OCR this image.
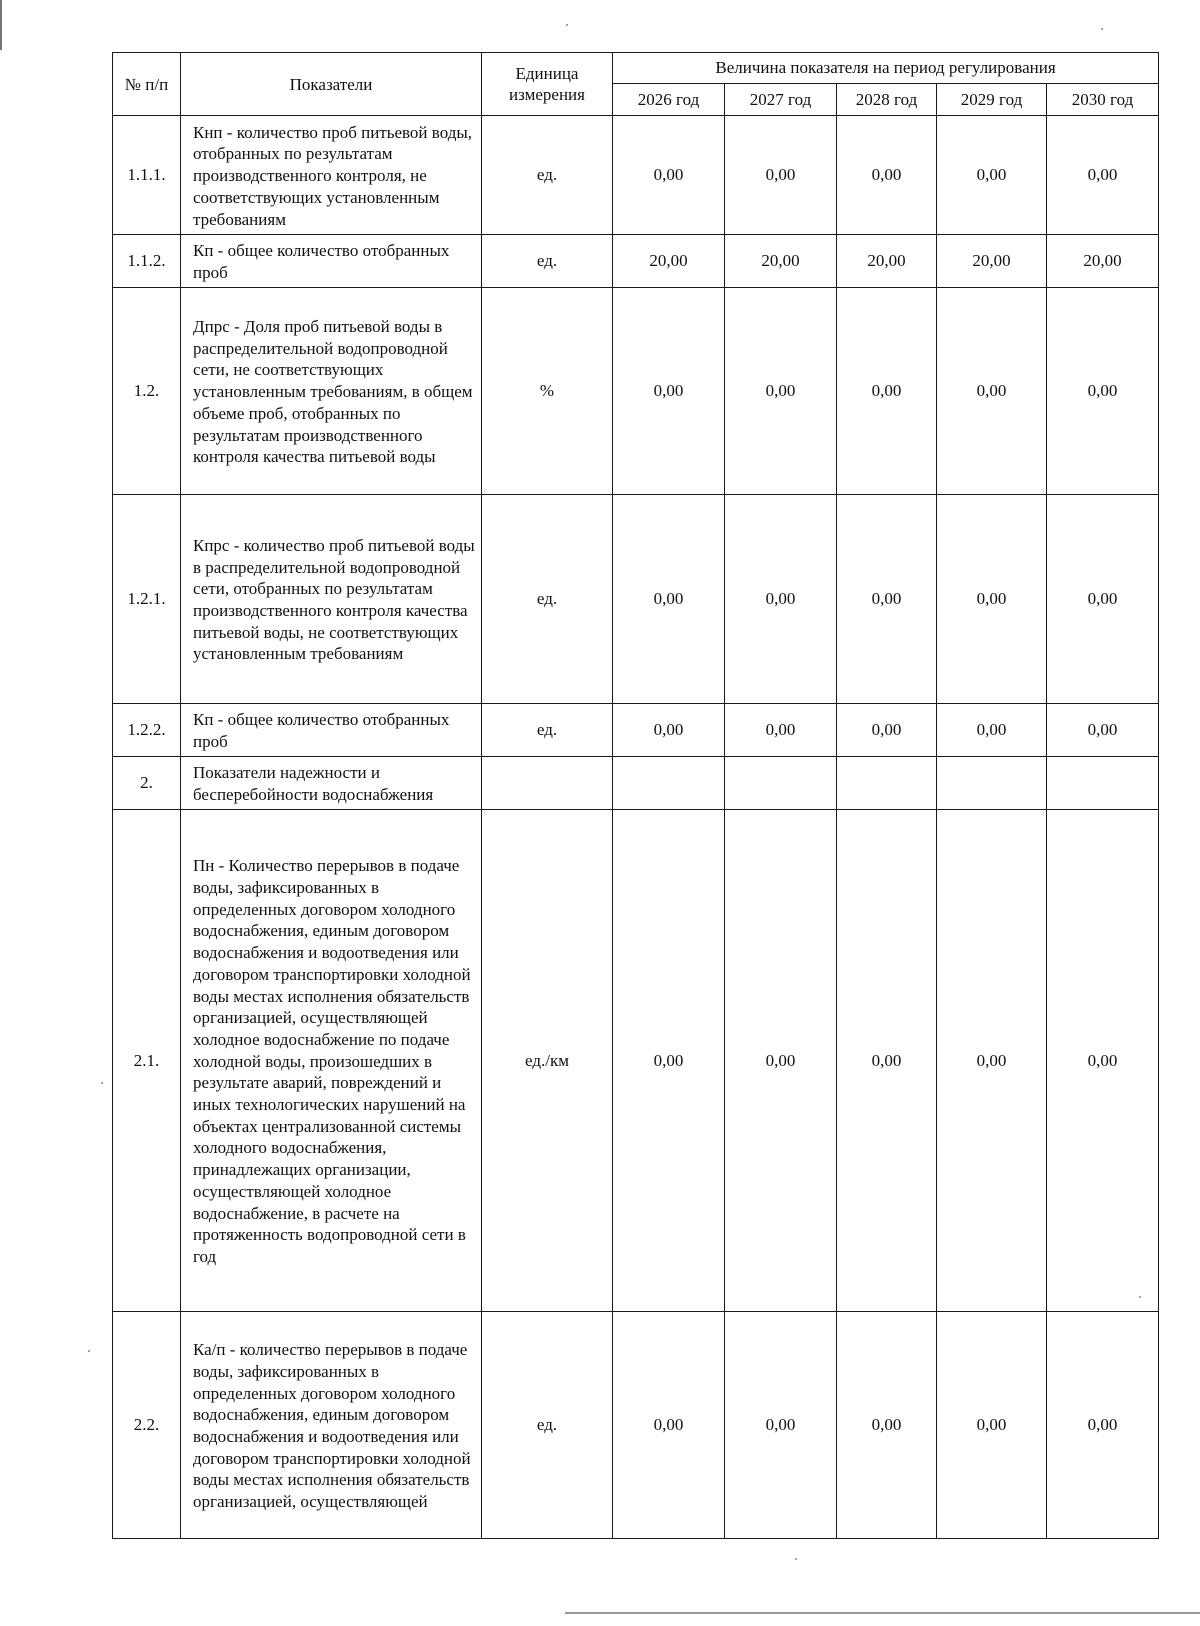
№ п/п	Показатели	Единица измерения	Величина показателя на период регулирования				
			2026 год	2027 год	2028 год	2029 год	2030 год
1.1.1.	Кнп - количество проб питьевой воды, отобранных по результатам производственного контроля, не соответствующих установленным требованиям	ед.	0,00	0,00	0,00	0,00	0,00
1.1.2.	Кп - общее количество отобранных проб	ед.	20,00	20,00	20,00	20,00	20,00
1.2.	Дпрс - Доля проб питьевой воды в распределительной водопроводной сети, не соответствующих установленным требованиям, в общем объеме проб, отобранных по результатам производственного контроля качества питьевой воды	%	0,00	0,00	0,00	0,00	0,00
1.2.1.	Кпрс - количество проб питьевой воды в распределительной водопроводной сети, отобранных по результатам производственного контроля качества питьевой воды, не соответствующих установленным требованиям	ед.	0,00	0,00	0,00	0,00	0,00
1.2.2.	Кп - общее количество отобранных проб	ед.	0,00	0,00	0,00	0,00	0,00
2.	Показатели надежности и бесперебойности водоснабжения						
2.1.	Пн - Количество перерывов в подаче воды, зафиксированных в определенных договором холодного водоснабжения, единым договором водоснабжения и водоотведения или договором транспортировки холодной воды местах исполнения обязательств организацией, осуществляющей холодное водоснабжение по подаче холодной воды, произошедших в результате аварий, повреждений и иных технологических нарушений на объектах централизованной системы холодного водоснабжения, принадлежащих организации, осуществляющей холодное водоснабжение, в расчете на протяженность водопроводной сети в год	ед./км	0,00	0,00	0,00	0,00	0,00
2.2.	Ка/п - количество перерывов в подаче воды, зафиксированных в определенных договором холодного водоснабжения, единым договором водоснабжения и водоотведения или договором транспортировки холодной воды местах исполнения обязательств организацией, осуществляющей	ед.	0,00	0,00	0,00	0,00	0,00
